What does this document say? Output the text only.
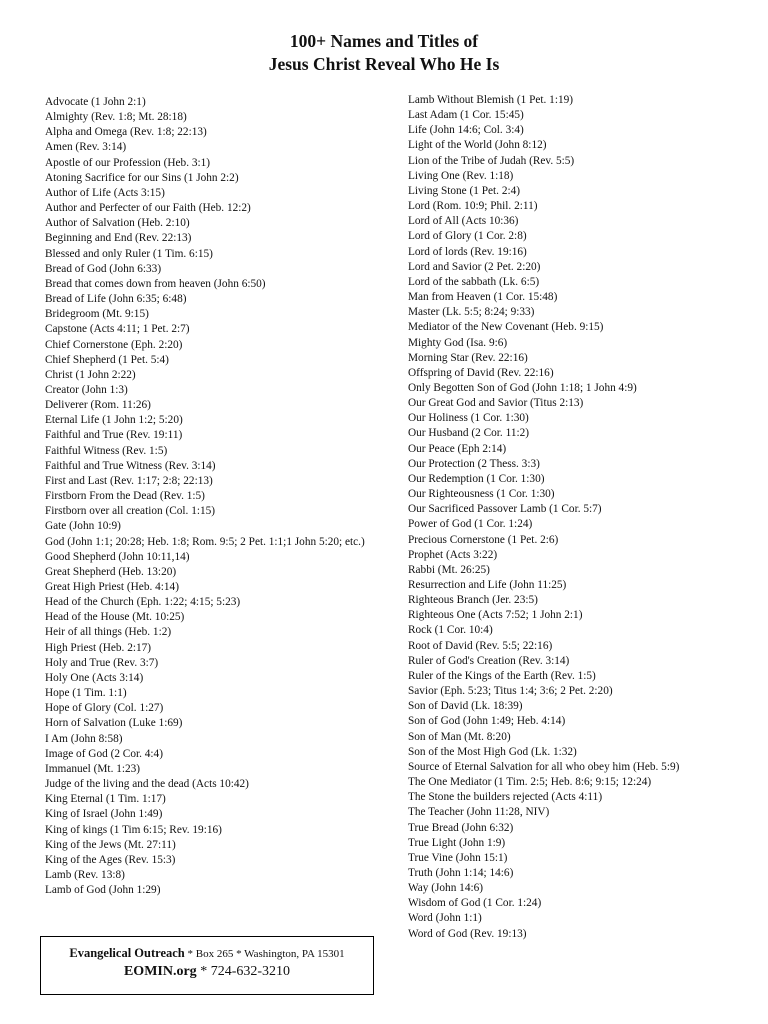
100+ Names and Titles of
Jesus Christ Reveal Who He Is
Advocate (1 John 2:1)
Almighty (Rev. 1:8; Mt. 28:18)
Alpha and Omega (Rev. 1:8; 22:13)
Amen (Rev. 3:14)
Apostle of our Profession (Heb. 3:1)
Atoning Sacrifice for our Sins (1 John 2:2)
Author of Life (Acts 3:15)
Author and Perfecter of our Faith (Heb. 12:2)
Author of Salvation (Heb. 2:10)
Beginning and End (Rev. 22:13)
Blessed and only Ruler (1 Tim. 6:15)
Bread of God (John 6:33)
Bread that comes down from heaven (John 6:50)
Bread of Life (John 6:35; 6:48)
Bridegroom (Mt. 9:15)
Capstone (Acts 4:11; 1 Pet. 2:7)
Chief Cornerstone (Eph. 2:20)
Chief Shepherd (1 Pet. 5:4)
Christ (1 John 2:22)
Creator (John 1:3)
Deliverer (Rom. 11:26)
Eternal Life (1 John 1:2; 5:20)
Faithful and True (Rev. 19:11)
Faithful Witness (Rev. 1:5)
Faithful and True Witness (Rev. 3:14)
First and Last (Rev. 1:17; 2:8; 22:13)
Firstborn From the Dead (Rev. 1:5)
Firstborn over all creation (Col. 1:15)
Gate (John 10:9)
God (John 1:1; 20:28; Heb. 1:8; Rom. 9:5; 2 Pet. 1:1;1 John 5:20; etc.)
Good Shepherd (John 10:11,14)
Great Shepherd (Heb. 13:20)
Great High Priest (Heb. 4:14)
Head of the Church (Eph. 1:22; 4:15; 5:23)
Head of the House (Mt. 10:25)
Heir of all things (Heb. 1:2)
High Priest (Heb. 2:17)
Holy and True (Rev. 3:7)
Holy One (Acts 3:14)
Hope (1 Tim. 1:1)
Hope of Glory (Col. 1:27)
Horn of Salvation (Luke 1:69)
I Am (John 8:58)
Image of God (2 Cor. 4:4)
Immanuel (Mt. 1:23)
Judge of the living and the dead (Acts 10:42)
King Eternal (1 Tim. 1:17)
King of Israel (John 1:49)
King of kings (1 Tim 6:15; Rev. 19:16)
King of the Jews (Mt. 27:11)
King of the Ages (Rev. 15:3)
Lamb (Rev. 13:8)
Lamb of God (John 1:29)
Lamb Without Blemish (1 Pet. 1:19)
Last Adam (1 Cor. 15:45)
Life (John 14:6; Col. 3:4)
Light of the World (John 8:12)
Lion of the Tribe of Judah (Rev. 5:5)
Living One (Rev. 1:18)
Living Stone (1 Pet. 2:4)
Lord (Rom. 10:9; Phil. 2:11)
Lord of All (Acts 10:36)
Lord of Glory (1 Cor. 2:8)
Lord of lords (Rev. 19:16)
Lord and Savior (2 Pet. 2:20)
Lord of the sabbath (Lk. 6:5)
Man from Heaven (1 Cor. 15:48)
Master (Lk. 5:5; 8:24; 9:33)
Mediator of the New Covenant (Heb. 9:15)
Mighty God (Isa. 9:6)
Morning Star (Rev. 22:16)
Offspring of David (Rev. 22:16)
Only Begotten Son of God (John 1:18; 1 John 4:9)
Our Great God and Savior (Titus 2:13)
Our Holiness (1 Cor. 1:30)
Our Husband (2 Cor. 11:2)
Our Peace (Eph 2:14)
Our Protection (2 Thess. 3:3)
Our Redemption (1 Cor. 1:30)
Our Righteousness (1 Cor. 1:30)
Our Sacrificed Passover Lamb (1 Cor. 5:7)
Power of God (1 Cor. 1:24)
Precious Cornerstone (1 Pet. 2:6)
Prophet (Acts 3:22)
Rabbi (Mt. 26:25)
Resurrection and Life (John 11:25)
Righteous Branch (Jer. 23:5)
Righteous One (Acts 7:52; 1 John 2:1)
Rock (1 Cor. 10:4)
Root of David (Rev. 5:5; 22:16)
Ruler of God's Creation (Rev. 3:14)
Ruler of the Kings of the Earth (Rev. 1:5)
Savior (Eph. 5:23; Titus 1:4; 3:6; 2 Pet. 2:20)
Son of David (Lk. 18:39)
Son of God (John 1:49; Heb. 4:14)
Son of Man (Mt. 8:20)
Son of the Most High God (Lk. 1:32)
Source of Eternal Salvation for all who obey him (Heb. 5:9)
The One Mediator (1 Tim. 2:5; Heb. 8:6; 9:15; 12:24)
The Stone the builders rejected (Acts 4:11)
The Teacher (John 11:28, NIV)
True Bread (John 6:32)
True Light (John 1:9)
True Vine (John 15:1)
Truth (John 1:14; 14:6)
Way (John 14:6)
Wisdom of God (1 Cor. 1:24)
Word (John 1:1)
Word of God (Rev. 19:13)
Evangelical Outreach * Box 265 * Washington, PA 15301
EOMIN.org * 724-632-3210
